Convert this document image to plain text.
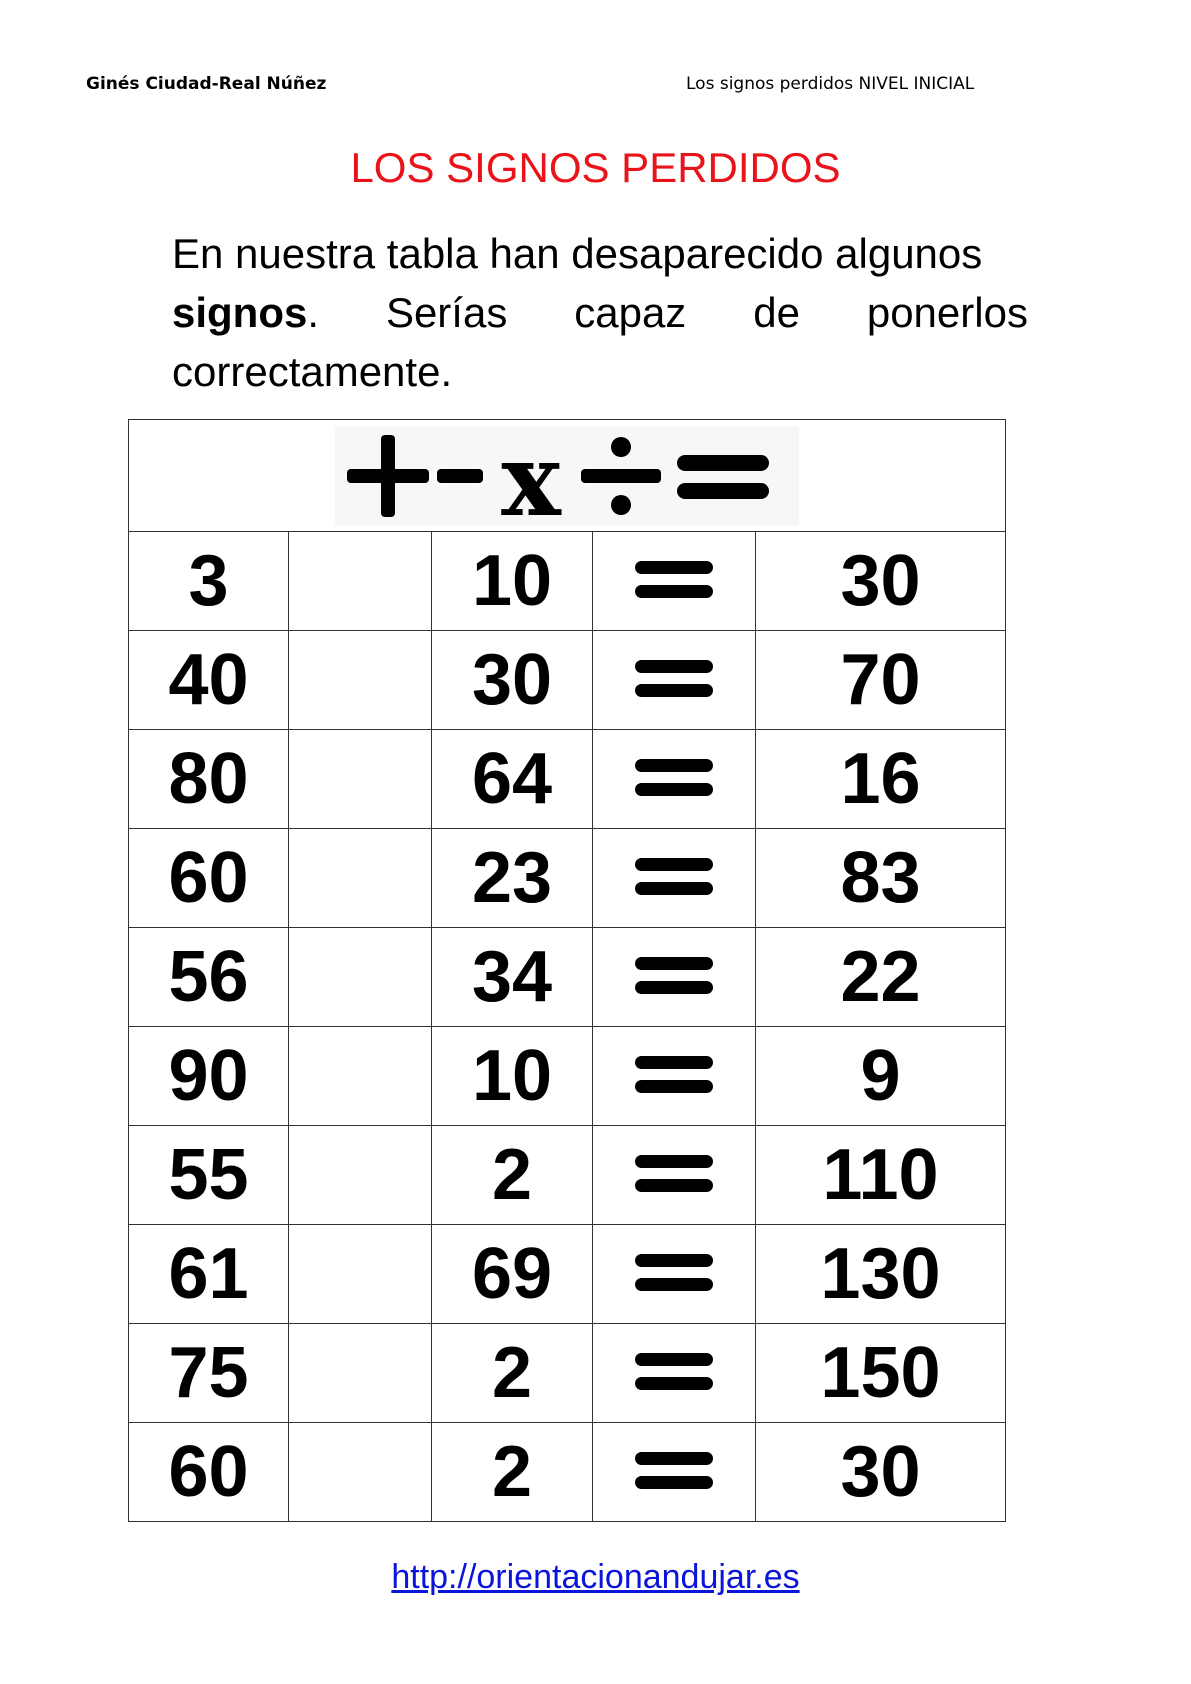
Ginés Ciudad-Real Núñez	Los signos perdidos NIVEL INICIAL
LOS SIGNOS PERDIDOS
En nuestra tabla han desaparecido algunos
signos. Serías capaz de ponerlos
correctamente.
x				

3		10		30
40		30		70
80		64		16
60		23		83
56		34		22
90		10		9
55		2		110
61		69		130
75		2		150
60		2		30
http://orientacionandujar.es
